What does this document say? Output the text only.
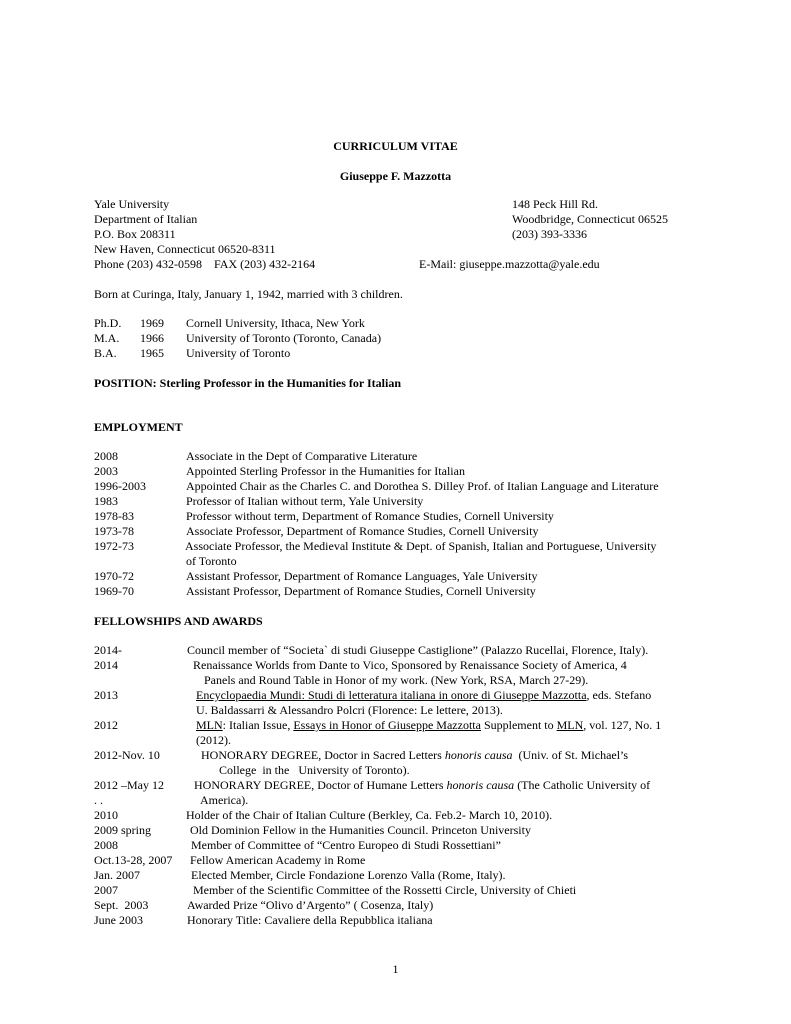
CURRICULUM VITAE
Giuseppe F. Mazzotta
Yale University
Department of Italian
P.O. Box 208311
New Haven, Connecticut 06520-8311
Phone (203) 432-0598    FAX (203) 432-2164
148 Peck Hill Rd.
Woodbridge, Connecticut 06525
(203) 393-3336
E-Mail: giuseppe.mazzotta@yale.edu
Born at Curinga, Italy, January 1, 1942, married with 3 children.
Ph.D. 1969 Cornell University, Ithaca, New York
M.A. 1966 University of Toronto (Toronto, Canada)
B.A. 1965 University of Toronto
POSITION: Sterling Professor in the Humanities for Italian
EMPLOYMENT
2008	Associate in the Dept of Comparative Literature
2003	Appointed Sterling Professor in the Humanities for Italian
1996-2003	Appointed Chair as the Charles C. and Dorothea S. Dilley Prof. of Italian Language and Literature
1983	Professor of Italian without term, Yale University
1978-83	Professor without term, Department of Romance Studies, Cornell University
1973-78	Associate Professor, Department of Romance Studies, Cornell University
1972-73	Associate Professor, the Medieval Institute & Dept. of Spanish, Italian and Portuguese, University
of Toronto
1970-72	Assistant Professor, Department of Romance Languages, Yale University
1969-70	Assistant Professor, Department of Romance Studies, Cornell University
FELLOWSHIPS AND AWARDS
2014-	Council member of “Societa` di studi Giuseppe Castiglione” (Palazzo Rucellai, Florence, Italy).
2014	Renaissance Worlds from Dante to Vico, Sponsored by Renaissance Society of America, 4
Panels and Round Table in Honor of my work. (New York, RSA, March 27-29).
2013	Encyclopaedia Mundi: Studi di letteratura italiana in onore di Giuseppe Mazzotta, eds. Stefano
U. Baldassarri & Alessandro Polcri (Florence: Le lettere, 2013).
2012	MLN: Italian Issue, Essays in Honor of Giuseppe Mazzotta Supplement to MLN, vol. 127, No. 1
(2012).
2012-Nov. 10	HONORARY DEGREE, Doctor in Sacred Letters honoris causa  (Univ. of St. Michael’s
College  in the   University of Toronto).
2012 –May 12	HONORARY DEGREE, Doctor of Humane Letters honoris causa (The Catholic University of
. .	America).
2010	Holder of the Chair of Italian Culture (Berkley, Ca. Feb.2- March 10, 2010).
2009 spring	Old Dominion Fellow in the Humanities Council. Princeton University
2008	Member of Committee of “Centro Europeo di Studi Rossettiani”
Oct.13-28, 2007 Fellow American Academy in Rome
Jan. 2007	Elected Member, Circle Fondazione Lorenzo Valla (Rome, Italy).
2007	Member of the Scientific Committee of the Rossetti Circle, University of Chieti
Sept.  2003	Awarded Prize “Olivo d’Argento” ( Cosenza, Italy)
June 2003	Honorary Title: Cavaliere della Repubblica italiana
1
